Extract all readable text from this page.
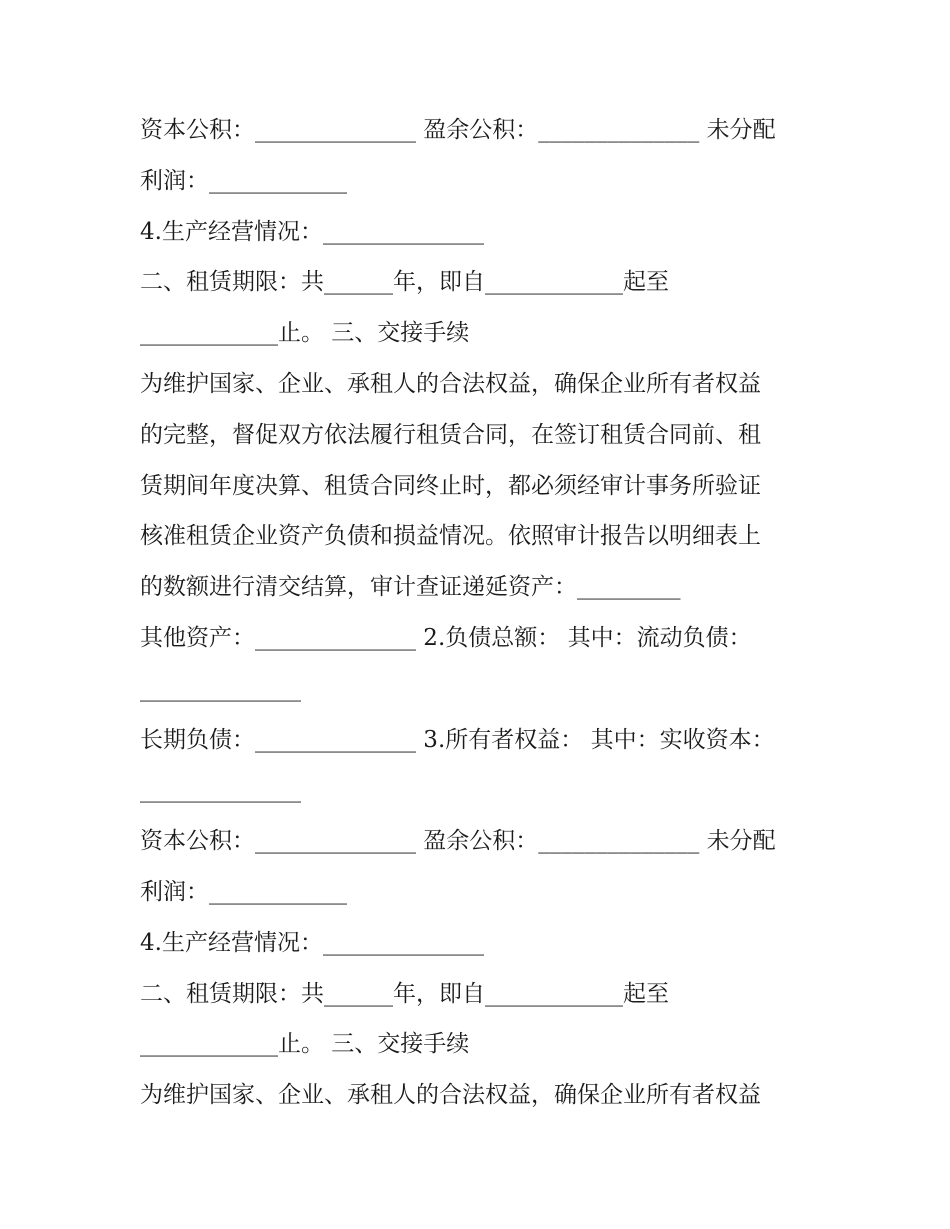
资本公积：______________ 盈余公积：______________ 未分配
利润：____________
4.生产经营情况：______________
二、租赁期限：共______年，即自____________起至
____________止。 三、交接手续
为维护国家、企业、承租人的合法权益，确保企业所有者权益
的完整，督促双方依法履行租赁合同，在签订租赁合同前、租
赁期间年度决算、租赁合同终止时，都必须经审计事务所验证
核准租赁企业资产负债和损益情况。依照审计报告以明细表上
的数额进行清交结算，审计查证递延资产：_________
其他资产：______________ 2.负债总额： 其中：流动负债：
______________
长期负债：______________ 3.所有者权益： 其中：实收资本：
______________
资本公积：______________ 盈余公积：______________ 未分配
利润：____________
4.生产经营情况：______________
二、租赁期限：共______年，即自____________起至
____________止。 三、交接手续
为维护国家、企业、承租人的合法权益，确保企业所有者权益
